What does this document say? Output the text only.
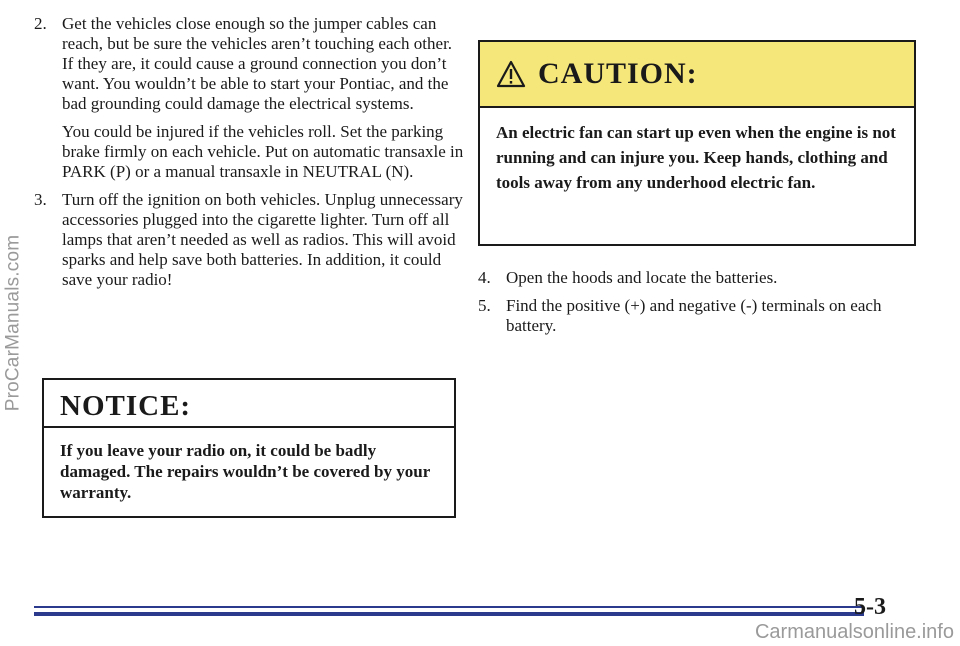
ProCarManuals.com
2. Get the vehicles close enough so the jumper cables can reach, but be sure the vehicles aren’t touching each other. If they are, it could cause a ground connection you don’t want. You wouldn’t be able to start your Pontiac, and the bad grounding could damage the electrical systems.

You could be injured if the vehicles roll. Set the parking brake firmly on each vehicle. Put on automatic transaxle in PARK (P) or a manual transaxle in NEUTRAL (N).

3. Turn off the ignition on both vehicles. Unplug unnecessary accessories plugged into the cigarette lighter. Turn off all lamps that aren’t needed as well as radios. This will avoid sparks and help save both batteries. In addition, it could save your radio!
NOTICE:
If you leave your radio on, it could be badly damaged. The repairs wouldn’t be covered by your warranty.
CAUTION:
An electric fan can start up even when the engine is not running and can injure you. Keep hands, clothing and tools away from any underhood electric fan.
4. Open the hoods and locate the batteries.
5. Find the positive (+) and negative (-) terminals on each battery.
5-3
Carmanualsonline.info
